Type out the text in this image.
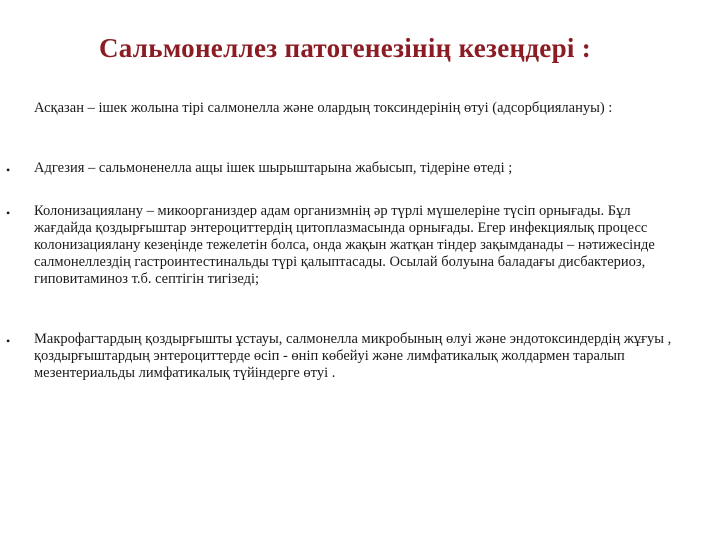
Сальмонеллез патогенезінің кезеңдері :
Асқазан – ішек жолына тірі салмонелла және олардың токсиндерінің өтуі (адсорбциялануы) :
•	Адгезия – сальмоненелла ащы ішек шырыштарына жабысып, тідеріне өтеді ;
•	Колонизациялану – микоорганиздер адам организмнің әр түрлі мүшелеріне түсіп орнығады. Бұл жағдайда қоздырғыштар энтероциттердің цитоплазмасында орнығады. Егер инфекциялық процесс колонизациялану кезеңінде тежелетін болса, онда жақын жатқан тіндер зақымданады – нәтижесінде салмонеллездің гастроинтестинальды түрі қалыптасады. Осылай болуына баладағы дисбактериоз, гиповитаминоз т.б. септігін тигізеді;
•	Макрофагтардың қоздырғышты ұстауы, салмонелла микробының өлуі және эндотоксиндердің жұғуы , қоздырғыштардың энтероциттерде өсіп - өніп көбейуі және лимфатикалық жолдармен таралып мезентериальды лимфатикалық түйіндерге өтуі .
